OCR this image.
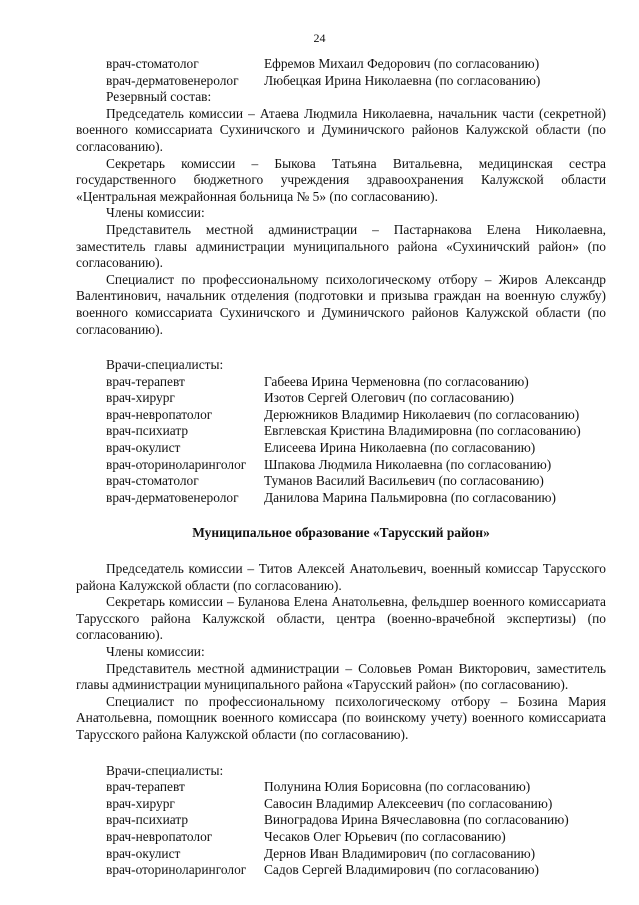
24
врач-стоматолог	Ефремов Михаил Федорович (по согласованию)
врач-дерматовенеролог	Любецкая Ирина Николаевна (по согласованию)
Резервный состав:

Председатель комиссии – Атаева Людмила Николаевна, начальник части (секретной) военного комиссариата Сухиничского и Думиничского районов Калужской области (по согласованию).

Секретарь комиссии – Быкова Татьяна Витальевна, медицинская сестра государственного бюджетного учреждения здравоохранения Калужской области «Центральная межрайонная больница № 5» (по согласованию).

Члены комиссии:

Представитель местной администрации – Пастарнакова Елена Николаевна, заместитель главы администрации муниципального района «Сухиничский район» (по согласованию).

Специалист по профессиональному психологическому отбору – Жиров Александр Валентинович, начальник отделения (подготовки и призыва граждан на военную службу) военного комиссариата Сухиничского и Думиничского районов Калужской области (по согласованию).

Врачи-специалисты:
врач-терапевт	Габеева Ирина Черменовна (по согласованию)
врач-хирург	Изотов Сергей Олегович (по согласованию)
врач-невропатолог	Дерюжников Владимир Николаевич (по согласованию)
врач-психиатр	Евглевская Кристина Владимировна (по согласованию)
врач-окулист	Елисеева Ирина Николаевна (по согласованию)
врач-оториноларинголог	Шпакова Людмила Николаевна (по согласованию)
врач-стоматолог	Туманов Василий Васильевич (по согласованию)
врач-дерматовенеролог	Данилова Марина Пальмировна (по согласованию)

Муниципальное образование «Тарусский район»

Председатель комиссии – Титов Алексей Анатольевич, военный комиссар Тарусского района Калужской области (по согласованию).

Секретарь комиссии – Буланова Елена Анатольевна, фельдшер военного комиссариата Тарусского района Калужской области, центра (военно-врачебной экспертизы) (по согласованию).

Члены комиссии:

Представитель местной администрации – Соловьев Роман Викторович, заместитель главы администрации муниципального района «Тарусский район» (по согласованию).

Специалист по профессиональному психологическому отбору – Бозина Мария Анатольевна, помощник военного комиссара (по воинскому учету) военного комиссариата Тарусского района Калужской области (по согласованию).

Врачи-специалисты:
врач-терапевт	Полунина Юлия Борисовна (по согласованию)
врач-хирург	Савосин Владимир Алексеевич (по согласованию)
врач-психиатр	Виноградова Ирина Вячеславовна (по согласованию)
врач-невропатолог	Чесаков Олег Юрьевич (по согласованию)
врач-окулист	Дернов Иван Владимирович (по согласованию)
врач-оториноларинголог	Садов Сергей Владимирович (по согласованию)
